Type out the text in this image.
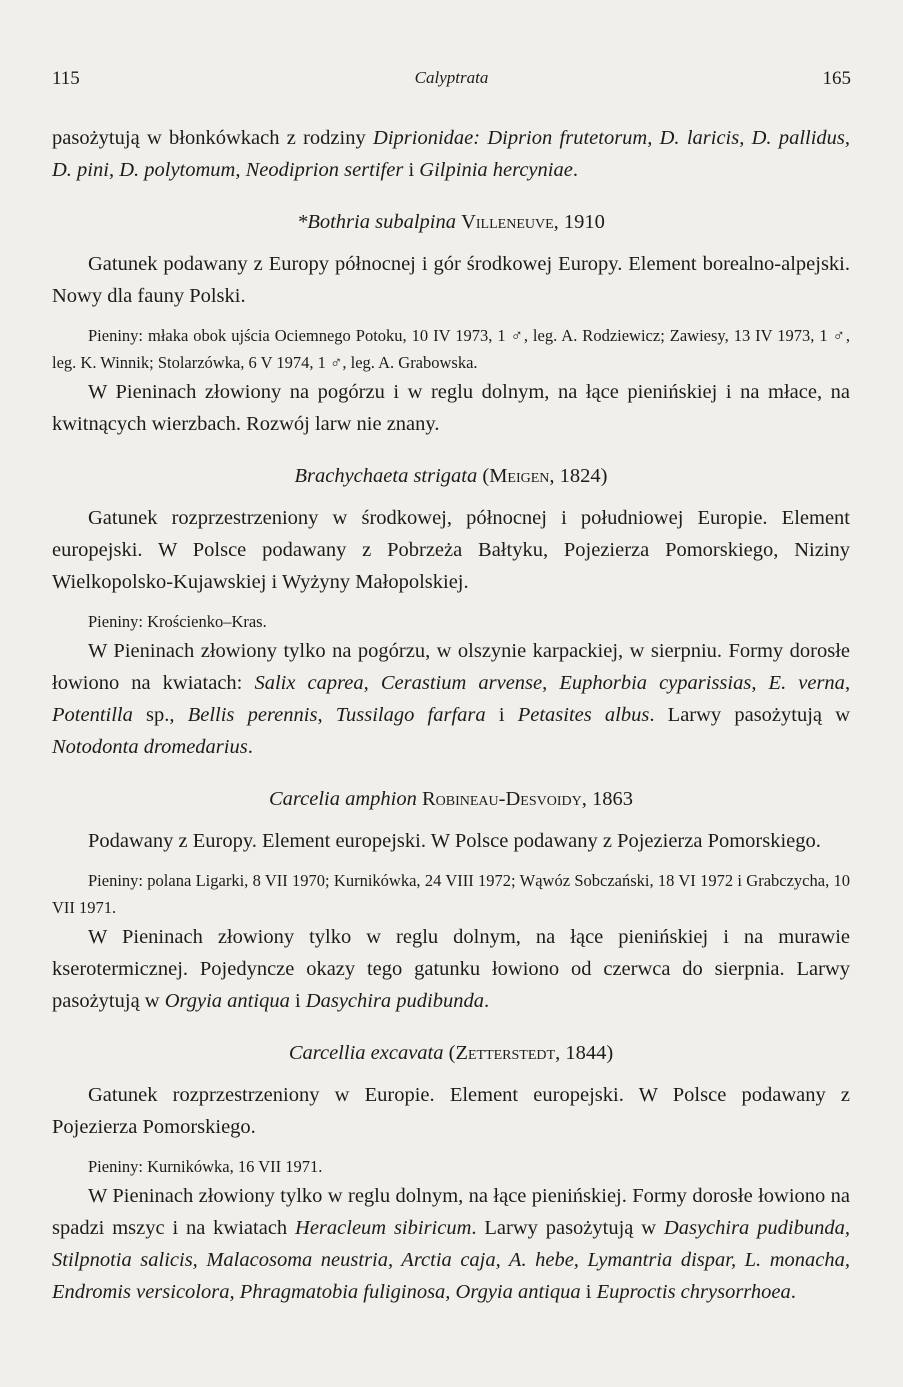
115	Calyptrata	165

pasożytują w błonkówkach z rodziny Diprionidae: Diprion frutetorum, D. laricis, D. pallidus, D. pini, D. polytomum, Neodiprion sertifer i Gilpinia hercyniae.

*Bothria subalpina Villeneuve, 1910

Gatunek podawany z Europy północnej i gór środkowej Europy. Element borealno-alpejski. Nowy dla fauny Polski.

Pieniny: młaka obok ujścia Ociemnego Potoku, 10 IV 1973, 1 ♂, leg. A. Rodziewicz; Zawiesy, 13 IV 1973, 1 ♂, leg. K. Winnik; Stolarzówka, 6 V 1974, 1 ♂, leg. A. Grabowska.

W Pieninach złowiony na pogórzu i w reglu dolnym, na łące pienińskiej i na młace, na kwitnących wierzbach. Rozwój larw nie znany.

Brachychaeta strigata (Meigen, 1824)

Gatunek rozprzestrzeniony w środkowej, północnej i południowej Europie. Element europejski. W Polsce podawany z Pobrzeża Bałtyku, Pojezierza Pomorskiego, Niziny Wielkopolsko-Kujawskiej i Wyżyny Małopolskiej.

Pieniny: Krościenko–Kras.

W Pieninach złowiony tylko na pogórzu, w olszynie karpackiej, w sierpniu. Formy dorosłe łowiono na kwiatach: Salix caprea, Cerastium arvense, Euphorbia cyparissias, E. verna, Potentilla sp., Bellis perennis, Tussilago farfara i Petasites albus. Larwy pasożytują w Notodonta dromedarius.

Carcelia amphion Robineau-Desvoidy, 1863

Podawany z Europy. Element europejski. W Polsce podawany z Pojezierza Pomorskiego.

Pieniny: polana Ligarki, 8 VII 1970; Kurnikówka, 24 VIII 1972; Wąwóz Sobczański, 18 VI 1972 i Grabczycha, 10 VII 1971.

W Pieninach złowiony tylko w reglu dolnym, na łące pienińskiej i na murawie kserotermicznej. Pojedyncze okazy tego gatunku łowiono od czerwca do sierpnia. Larwy pasożytują w Orgyia antiqua i Dasychira pudibunda.

Carcellia excavata (Zetterstedt, 1844)

Gatunek rozprzestrzeniony w Europie. Element europejski. W Polsce podawany z Pojezierza Pomorskiego.

Pieniny: Kurnikówka, 16 VII 1971.

W Pieninach złowiony tylko w reglu dolnym, na łące pienińskiej. Formy dorosłe łowiono na spadzi mszyc i na kwiatach Heracleum sibiricum. Larwy pasożytują w Dasychira pudibunda, Stilpnotia salicis, Malacosoma neustria, Arctia caja, A. hebe, Lymantria dispar, L. monacha, Endromis versicolora, Phragmatobia fuliginosa, Orgyia antiqua i Euproctis chrysorrhoea.
